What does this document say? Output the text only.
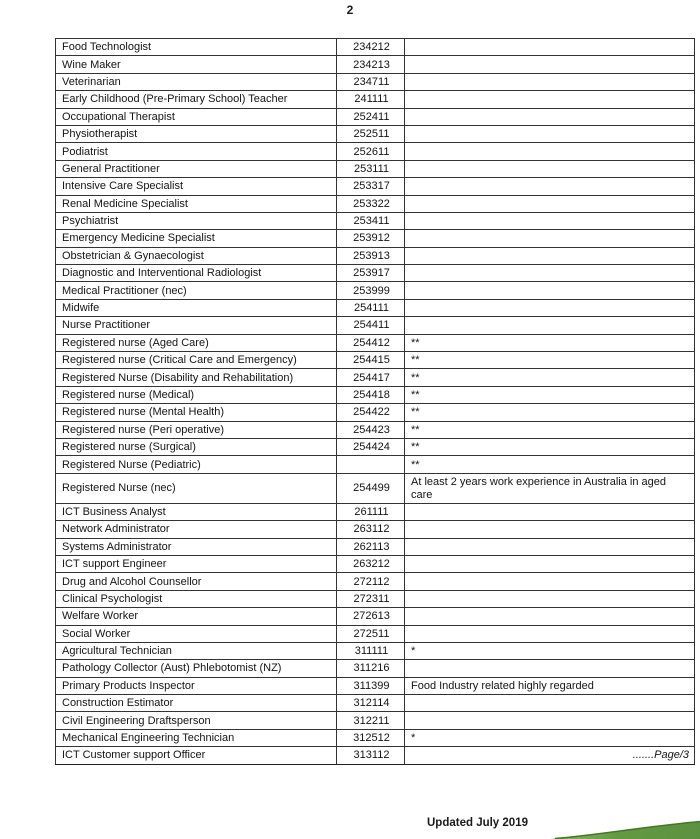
2
Food Technologist	234212	
Wine Maker	234213	
Veterinarian	234711	
Early Childhood (Pre-Primary School) Teacher	241111	
Occupational Therapist	252411	
Physiotherapist	252511	
Podiatrist	252611	
General Practitioner	253111	
Intensive Care Specialist	253317	
Renal Medicine Specialist	253322	
Psychiatrist	253411	
Emergency Medicine Specialist	253912	
Obstetrician & Gynaecologist	253913	
Diagnostic and Interventional Radiologist	253917	
Medical Practitioner (nec)	253999	
Midwife	254111	
Nurse Practitioner	254411	
Registered nurse (Aged Care)	254412	**
Registered nurse (Critical Care and Emergency)	254415	**
Registered Nurse (Disability and Rehabilitation)	254417	**
Registered nurse (Medical)	254418	**
Registered nurse (Mental Health)	254422	**
Registered nurse (Peri operative)	254423	**
Registered nurse (Surgical)	254424	**
Registered Nurse (Pediatric)		**
Registered Nurse (nec)	254499	At least 2 years work experience in Australia in aged care
ICT Business Analyst	261111	
Network Administrator	263112	
Systems Administrator	262113	
ICT support Engineer	263212	
Drug and Alcohol Counsellor	272112	
Clinical Psychologist	272311	
Welfare Worker	272613	
Social Worker	272511	
Agricultural Technician	311111	*
Pathology Collector (Aust) Phlebotomist (NZ)	311216	
Primary Products Inspector	311399	Food Industry related highly regarded
Construction Estimator	312114	
Civil Engineering Draftsperson	312211	
Mechanical Engineering Technician	312512	*
ICT Customer support Officer	313112	.......Page/3
Updated July 2019
